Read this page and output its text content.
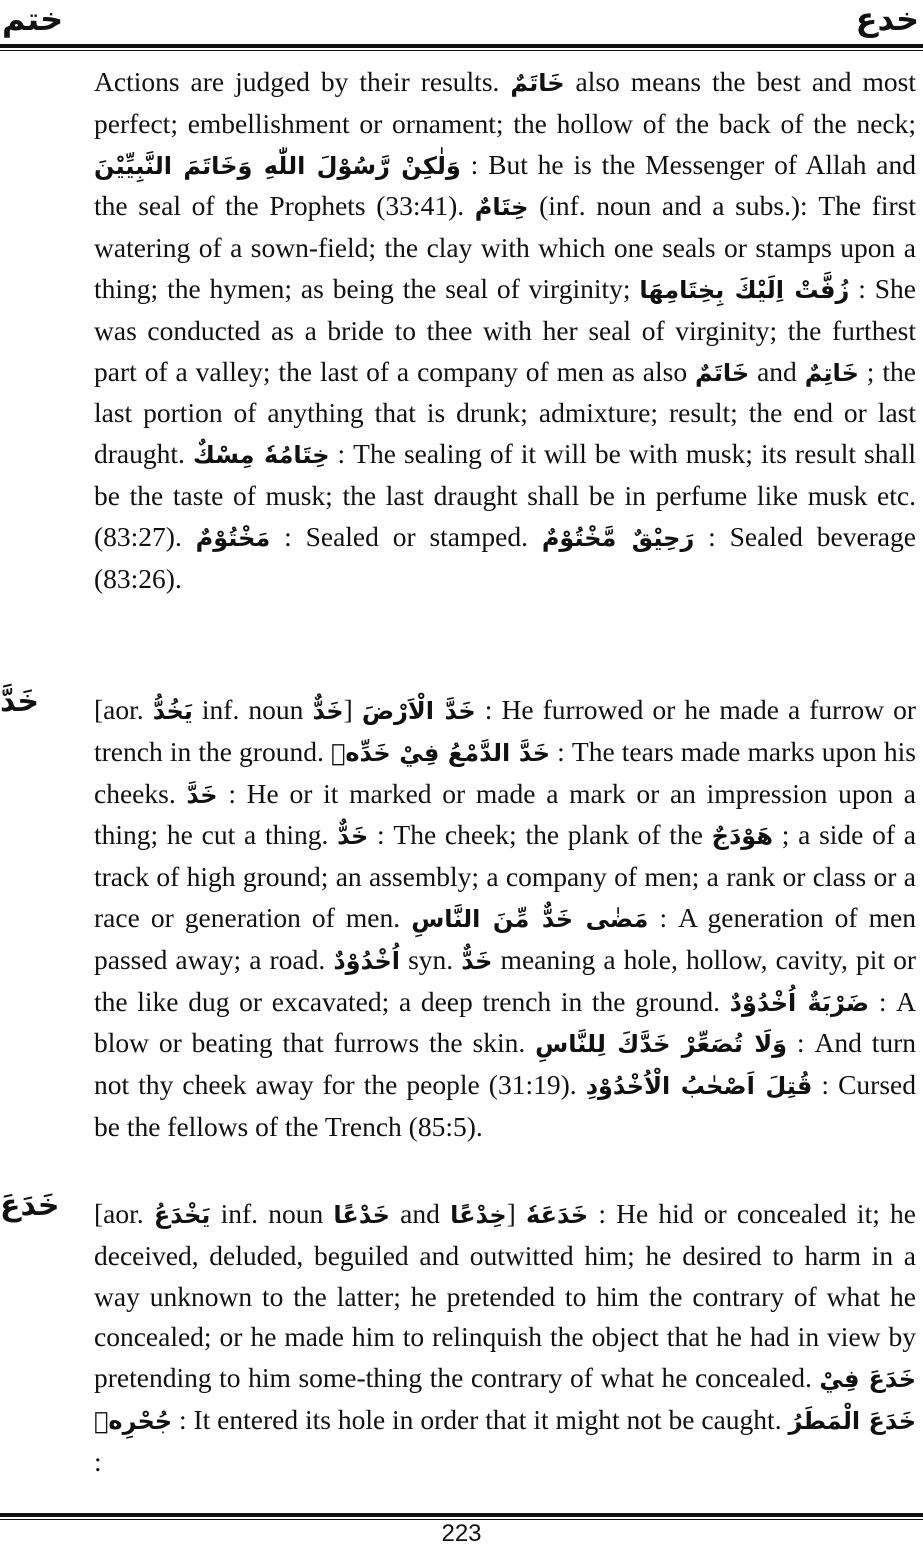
ختم	خدع

Actions are judged by their results. خَاتَمٌ also means the best and most perfect; embellishment or ornament; the hollow of the back of the neck; وَلٰكِنْ رَّسُوْلَ اللّٰهِ وَخَاتَمَ النَّبِيِّيْنَ : But he is the Messenger of Allah and the seal of the Prophets (33:41). خِتَامٌ (inf. noun and a subs.): The first watering of a sown-field; the clay with which one seals or stamps upon a thing; the hymen; as being the seal of virginity; زُفَّتْ اِلَيْكَ بِخِتَامِهَا : She was conducted as a bride to thee with her seal of virginity; the furthest part of a valley; the last of a company of men as also خَاتَمٌ and خَاتِمٌ ; the last portion of anything that is drunk; admixture; result; the end or last draught. خِتَامُهٗ مِسْكٌ : The sealing of it will be with musk; its result shall be the taste of musk; the last draught shall be in perfume like musk etc. (83:27). مَخْتُوْمٌ : Sealed or stamped. رَحِيْقٌ مَّخْتُوْمٌ : Sealed beverage (83:26).

خَدَّ [aor. يَخُدُّ inf. noun خَدٌّ] خَدَّ الْاَرْضَ : He furrowed or he made a furrow or trench in the ground. خَدَّ الدَّمْعُ فِيْ خَدِّهٖ : The tears made marks upon his cheeks. خَدَّ : He or it marked or made a mark or an impression upon a thing; he cut a thing. خَدٌّ : The cheek; the plank of the هَوْدَجٌ ; a side of a track of high ground; an assembly; a company of men; a rank or class or a race or generation of men. مَضٰى خَدٌّ مِّنَ النَّاسِ : A generation of men passed away; a road. اُخْدُوْدٌ syn. خَدٌّ meaning a hole, hollow, cavity, pit or the like dug or excavated; a deep trench in the ground. ضَرْبَةٌ اُخْدُوْدٌ : A blow or beating that furrows the skin. وَلَا تُصَعِّرْ خَدَّكَ لِلنَّاسِ : And turn not thy cheek away for the people (31:19). قُتِلَ اَصْحٰبُ الْاُخْدُوْدِ : Cursed be the fellows of the Trench (85:5).

خَدَعَ [aor. يَخْدَعُ inf. noun خَدْعًا and خِدْعًا] خَدَعَهٗ : He hid or concealed it; he deceived, deluded, beguiled and outwitted him; he desired to harm in a way unknown to the latter; he pretended to him the contrary of what he concealed; or he made him to relinquish the object that he had in view by pretending to him some-thing the contrary of what he concealed. خَدَعَ فِيْ جُحْرِهٖ : It entered its hole in order that it might not be caught. خَدَعَ الْمَطَرُ :

223
